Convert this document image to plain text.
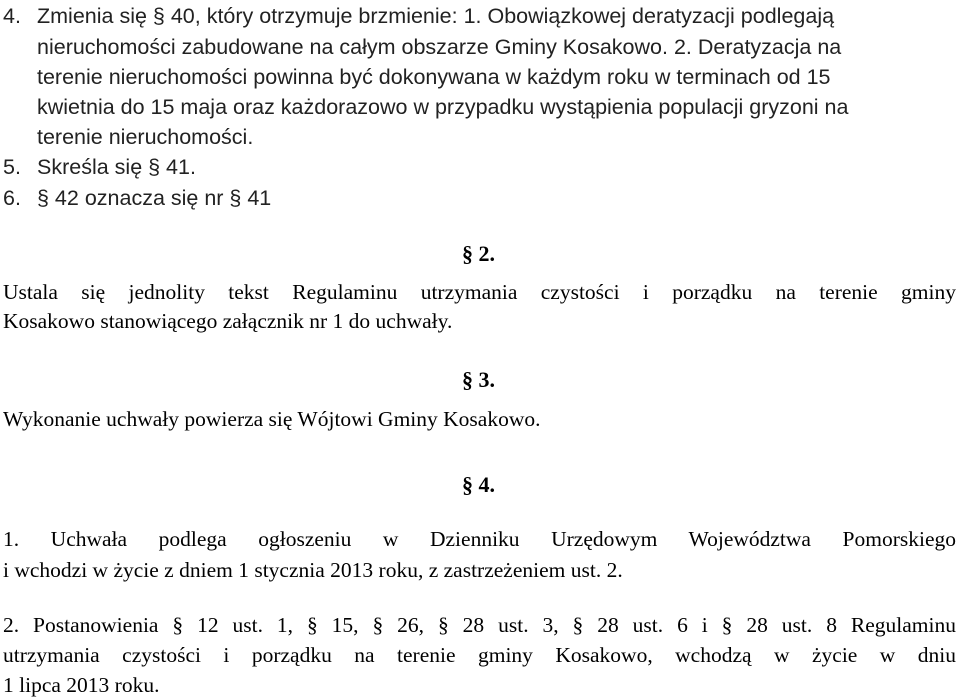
4. Zmienia się § 40, który otrzymuje brzmienie: 1. Obowiązkowej deratyzacji podlegają
nieruchomości zabudowane na całym obszarze Gminy Kosakowo. 2. Deratyzacja na
terenie nieruchomości powinna być dokonywana w każdym roku w terminach od 15
kwietnia do 15 maja oraz każdorazowo w przypadku wystąpienia populacji gryzoni na
terenie nieruchomości.
5. Skreśla się § 41.
6. § 42 oznacza się nr § 41
§ 2.
Ustala się jednolity tekst Regulaminu utrzymania czystości i porządku na terenie gminy
Kosakowo stanowiącego załącznik nr 1 do uchwały.
§ 3.
Wykonanie uchwały powierza się Wójtowi Gminy Kosakowo.
§ 4.
1. Uchwała podlega ogłoszeniu w Dzienniku Urzędowym Województwa Pomorskiego
i wchodzi w życie z dniem 1 stycznia 2013 roku, z zastrzeżeniem ust. 2.
2. Postanowienia § 12 ust. 1, § 15, § 26, § 28 ust. 3, § 28 ust. 6 i § 28 ust. 8 Regulaminu
utrzymania czystości i porządku na terenie gminy Kosakowo, wchodzą w życie w dniu
1 lipca 2013 roku.
